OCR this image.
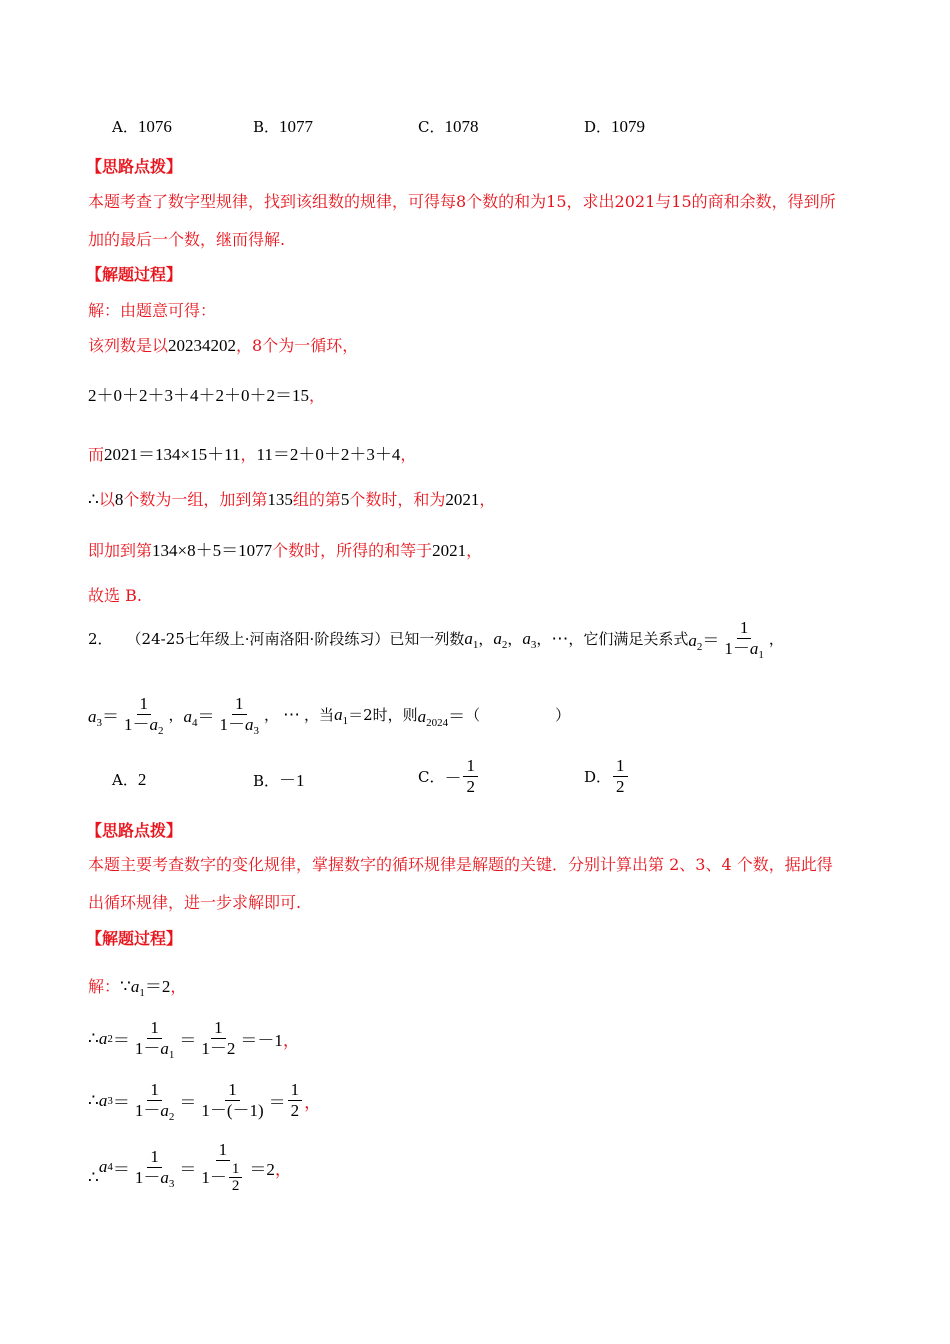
A．1076	B．1077	C．1078	D．1079
【思路点拨】
本题考查了数字型规律，找到该组数的规律，可得每8个数的和为15，求出2021与15的商和余数，得到所
加的最后一个数，继而得解.
【解题过程】
解：由题意可得：
该列数是以20234202，8个为一循环，
2＋0＋2＋3＋4＋2＋0＋2＝15，
而2021＝134×15＋11，11＝2＋0＋2＋3＋4，
∴以8个数为一组，加到第135组的第5个数时，和为2021，
即加到第134×8＋5＝1077个数时，所得的和等于2021，
故选 B.
2． （24-25七年级上·河南洛阳·阶段练习） 已知一列数 $a_1$，$a_2$，$a_3$，⋯ ，它们满足关系式 $a_2= \frac{1}{1-a_1}$ ，
$a_3= \frac{1}{1-a_2}$ ， $a_4= \frac{1}{1-a_3}$ ， ⋯ ， 当 $a_1 =2$时，则 $a_{2024}=$ （　　　　　）
A．2	B．－1	C． － $\frac{1}{2}$	D． $\frac{1}{2}$
【思路点拨】
本题主要考查数字的变化规律，掌握数字的循环规律是解题的关键．分别计算出第 2、3、4 个数，据此得
出循环规律，进一步求解即可.
【解题过程】
解：$\because a_1=2$，
∴ a $2 = \frac{1}{1-a_1} = \frac{1}{1-2} =-1$ ，
∴ a $3 = \frac{1}{1-a_2} = \frac{1}{1-(-1)} = \frac{1}{2}$ ，
∴
a $4 = \frac{1}{1-a_3} = \frac{1}{1- \frac{1}{2}} =2$ ，
